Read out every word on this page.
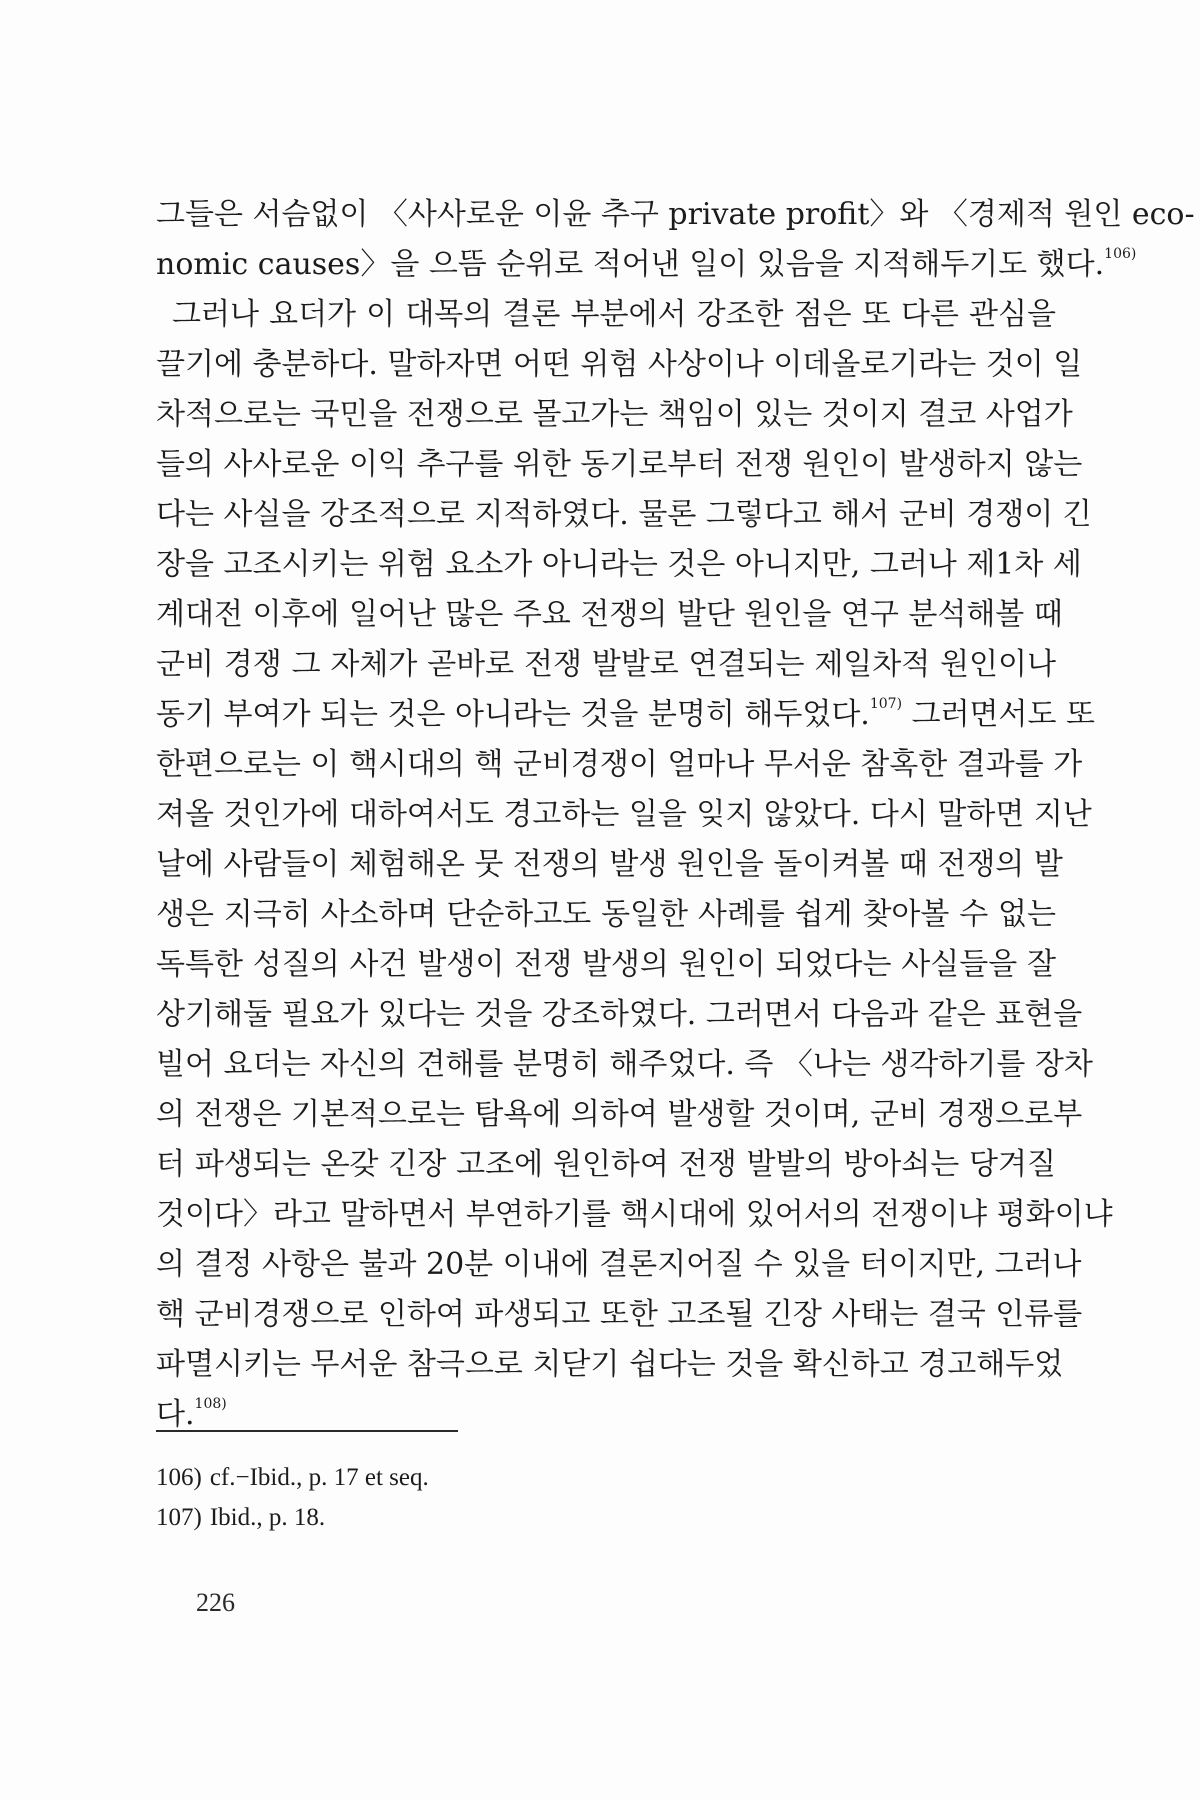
그들은 서슴없이 〈사사로운 이윤 추구 private profit〉와 〈경제적 원인 eco-
nomic causes〉을 으뜸 순위로 적어낸 일이 있음을 지적해두기도 했다.$^{106)}$
그러나 요더가 이 대목의 결론 부분에서 강조한 점은 또 다른 관심을
끌기에 충분하다. 말하자면 어떤 위험 사상이나 이데올로기라는 것이 일
차적으로는 국민을 전쟁으로 몰고가는 책임이 있는 것이지 결코 사업가
들의 사사로운 이익 추구를 위한 동기로부터 전쟁 원인이 발생하지 않는
다는 사실을 강조적으로 지적하였다. 물론 그렇다고 해서 군비 경쟁이 긴
장을 고조시키는 위험 요소가 아니라는 것은 아니지만, 그러나 제1차 세
계대전 이후에 일어난 많은 주요 전쟁의 발단 원인을 연구 분석해볼 때
군비 경쟁 그 자체가 곧바로 전쟁 발발로 연결되는 제일차적 원인이나
동기 부여가 되는 것은 아니라는 것을 분명히 해두었다.$^{107)}$ 그러면서도 또
한편으로는 이 핵시대의 핵 군비경쟁이 얼마나 무서운 참혹한 결과를 가
져올 것인가에 대하여서도 경고하는 일을 잊지 않았다. 다시 말하면 지난
날에 사람들이 체험해온 뭇 전쟁의 발생 원인을 돌이켜볼 때 전쟁의 발
생은 지극히 사소하며 단순하고도 동일한 사례를 쉽게 찾아볼 수 없는
독특한 성질의 사건 발생이 전쟁 발생의 원인이 되었다는 사실들을 잘
상기해둘 필요가 있다는 것을 강조하였다. 그러면서 다음과 같은 표현을
빌어 요더는 자신의 견해를 분명히 해주었다. 즉 〈나는 생각하기를 장차
의 전쟁은 기본적으로는 탐욕에 의하여 발생할 것이며, 군비 경쟁으로부
터 파생되는 온갖 긴장 고조에 원인하여 전쟁 발발의 방아쇠는 당겨질
것이다〉라고 말하면서 부연하기를 핵시대에 있어서의 전쟁이냐 평화이냐
의 결정 사항은 불과 20분 이내에 결론지어질 수 있을 터이지만, 그러나
핵 군비경쟁으로 인하여 파생되고 또한 고조될 긴장 사태는 결국 인류를
파멸시키는 무서운 참극으로 치닫기 쉽다는 것을 확신하고 경고해두었
다.$^{108)}$
106) cf.−Ibid., p. 17 et seq.
107) Ibid., p. 18.
226
